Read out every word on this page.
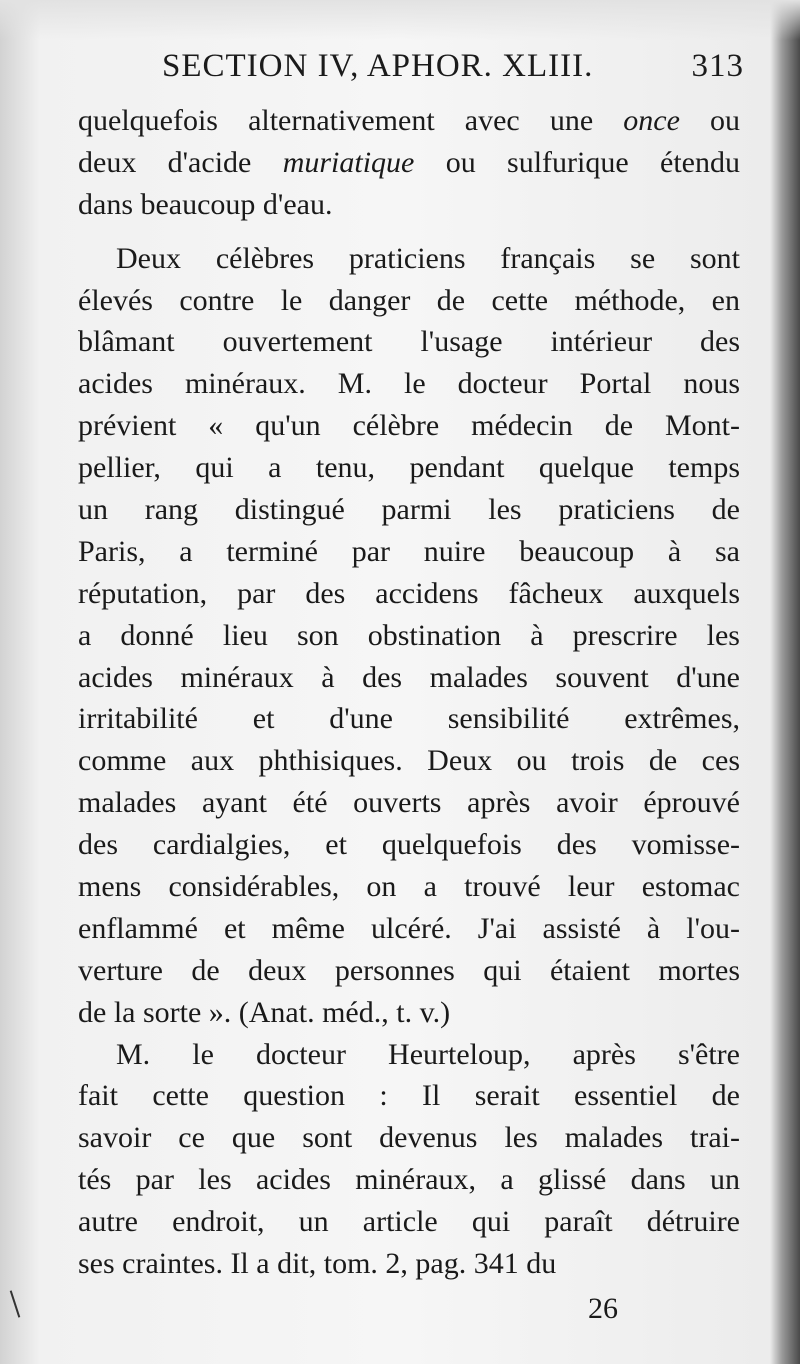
SECTION IV, APHOR. XLIII.	313
quelquefois alternativement avec une once ou
deux d'acide muriatique ou sulfurique étendu
dans beaucoup d'eau.
Deux célèbres praticiens français se sont
élevés contre le danger de cette méthode, en
blâmant ouvertement l'usage intérieur des
acides minéraux. M. le docteur Portal nous
prévient « qu'un célèbre médecin de Mont-
pellier, qui a tenu, pendant quelque temps
un rang distingué parmi les praticiens de
Paris, a terminé par nuire beaucoup à sa
réputation, par des accidens fâcheux auxquels
a donné lieu son obstination à prescrire les
acides minéraux à des malades souvent d'une
irritabilité et d'une sensibilité extrêmes,
comme aux phthisiques. Deux ou trois de ces
malades ayant été ouverts après avoir éprouvé
des cardialgies, et quelquefois des vomisse-
mens considérables, on a trouvé leur estomac
enflammé et même ulcéré. J'ai assisté à l'ou-
verture de deux personnes qui étaient mortes
de la sorte ». (Anat. méd., t. v.)
M. le docteur Heurteloup, après s'être
fait cette question : Il serait essentiel de
savoir ce que sont devenus les malades trai-
tés par les acides minéraux, a glissé dans un
autre endroit, un article qui paraît détruire
ses craintes. Il a dit, tom. 2, pag. 341 du
26
